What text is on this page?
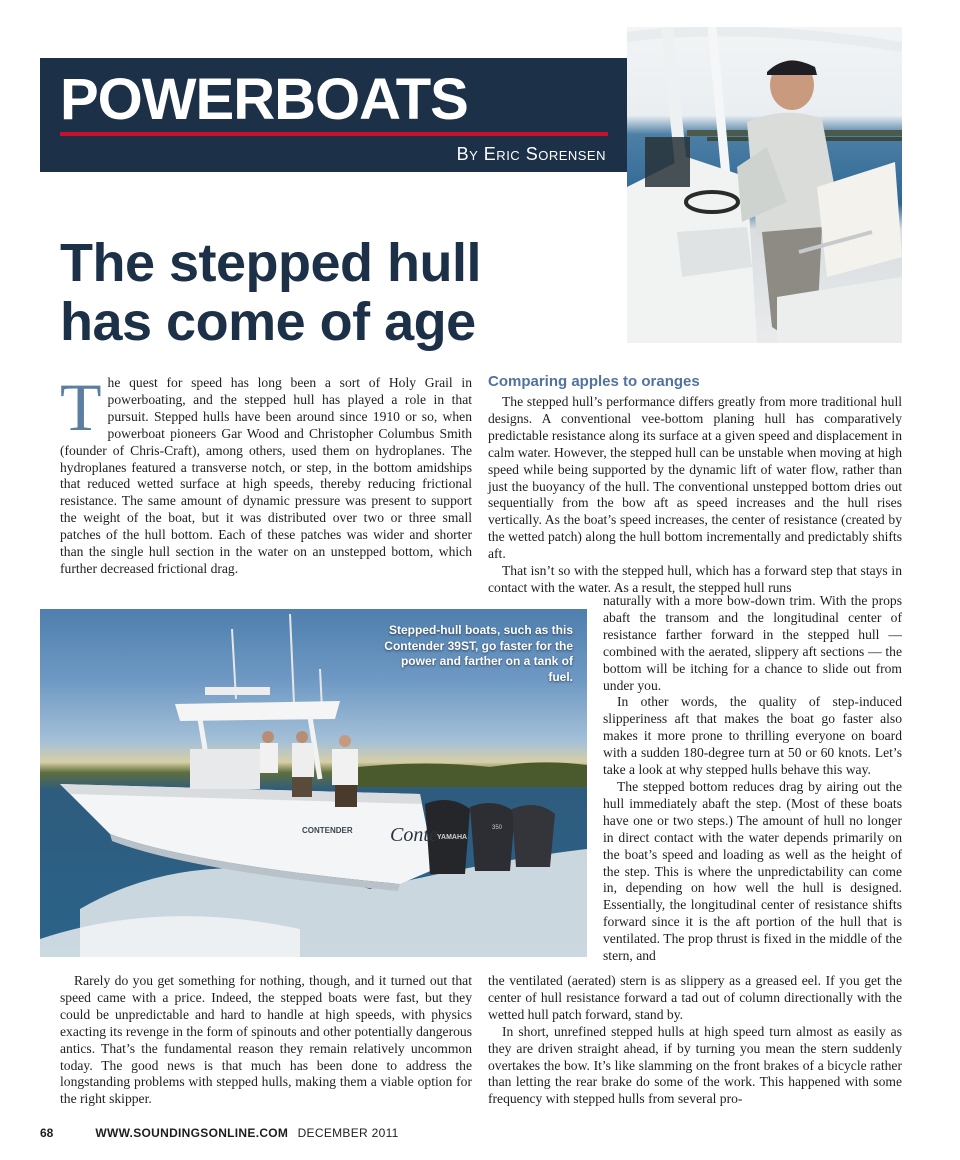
POWERBOATS
By Eric Sorensen
The stepped hull has come of age
T he quest for speed has long been a sort of Holy Grail in powerboating, and the stepped hull has played a role in that pursuit. Stepped hulls have been around since 1910 or so, when powerboat pioneers Gar Wood and Christopher Columbus Smith (founder of Chris-Craft), among others, used them on hydroplanes. The hydroplanes featured a transverse notch, or step, in the bottom amidships that reduced wetted surface at high speeds, thereby reducing frictional resistance. The same amount of dynamic pressure was present to support the weight of the boat, but it was distributed over two or three small patches of the hull bottom. Each of these patches was wider and shorter than the single hull section in the water on an unstepped bottom, which further decreased frictional drag.

Comparing apples to oranges

The stepped hull’s performance differs greatly from more traditional hull designs. A conventional vee-bottom planing hull has comparatively predictable resistance along its surface at a given speed and displacement in calm water. However, the stepped hull can be unstable when moving at high speed while being supported by the dynamic lift of water flow, rather than just the buoyancy of the hull. The conventional unstepped bottom dries out sequentially from the bow aft as speed increases and the hull rises vertically. As the boat’s speed increases, the center of resistance (created by the wetted patch) along the hull bottom incrementally and predictably shifts aft.

That isn’t so with the stepped hull, which has a forward step that stays in contact with the water. As a result, the stepped hull runs

CONTENDER Conte YAMAHA
350
Stepped-hull boats, such as this Contender 39ST, go faster for the power and farther on a tank of fuel.

naturally with a more bow-down trim. With the props abaft the transom and the longitudinal center of resistance farther forward in the stepped hull — combined with the aerated, slippery aft sections — the bottom will be itching for a chance to slide out from under you.

In other words, the quality of step-induced slipperiness aft that makes the boat go faster also makes it more prone to thrilling everyone on board with a sudden 180-degree turn at 50 or 60 knots. Let’s take a look at why stepped hulls behave this way.

The stepped bottom reduces drag by airing out the hull immediately abaft the step. (Most of these boats have one or two steps.) The amount of hull no longer in direct contact with the water depends primarily on the boat’s speed and loading as well as the height of the step. This is where the unpredictability can come in, depending on how well the hull is designed. Essentially, the longitudinal center of resistance shifts forward since it is the aft portion of the hull that is ventilated. The prop thrust is fixed in the middle of the stern, and

Rarely do you get something for nothing, though, and it turned out that speed came with a price. Indeed, the stepped boats were fast, but they could be unpredictable and hard to handle at high speeds, with physics exacting its revenge in the form of spinouts and other potentially dangerous antics. That’s the fundamental reason they remain relatively uncommon today. The good news is that much has been done to address the longstanding problems with stepped hulls, making them a viable option for the right skipper.

the ventilated (aerated) stern is as slippery as a greased eel. If you get the center of hull resistance forward a tad out of column directionally with the wetted hull patch forward, stand by.

In short, unrefined stepped hulls at high speed turn almost as easily as they are driven straight ahead, if by turning you mean the stern suddenly overtakes the bow. It’s like slamming on the front brakes of a bicycle rather than letting the rear brake do some of the work. This happened with some frequency with stepped hulls from several pro-

68	WWW.SOUNDINGSONLINE.COM DECEMBER 2011
